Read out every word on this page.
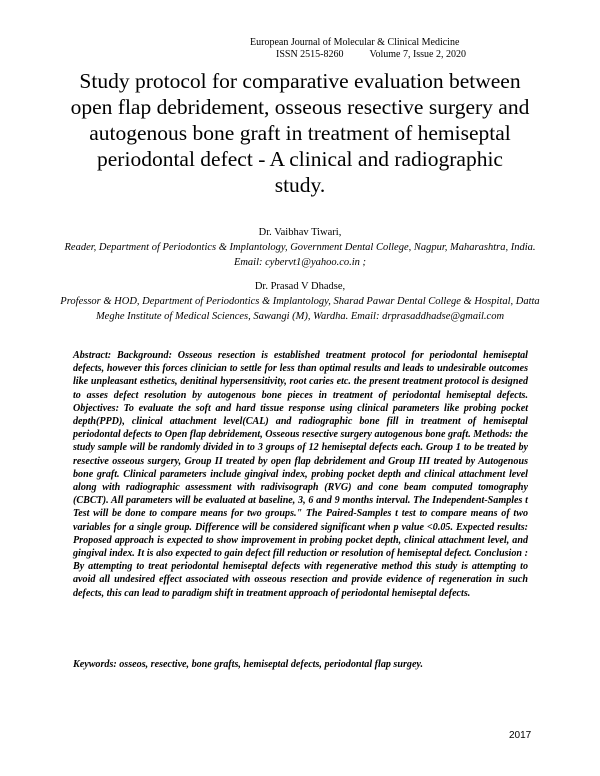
European Journal of Molecular & Clinical Medicine
ISSN 2515-8260	Volume 7, Issue 2, 2020
Study protocol for comparative evaluation between open flap debridement, osseous resective surgery and autogenous bone graft in treatment of hemiseptal periodontal defect - A clinical and radiographic study.
Dr. Vaibhav Tiwari,
Reader, Department of Periodontics & Implantology, Government Dental College, Nagpur, Maharashtra, India. Email: cybervt1@yahoo.co.in ;
Dr. Prasad V Dhadse,
Professor & HOD, Department of Periodontics & Implantology, Sharad Pawar Dental College & Hospital, Datta Meghe Institute of Medical Sciences, Sawangi (M), Wardha. Email: drprasaddhadse@gmail.com

Abstract: Background: Osseous resection is established treatment protocol for periodontal hemiseptal defects, however this forces clinician to settle for less than optimal results and leads to undesirable outcomes like unpleasant esthetics, denitinal hypersensitivity, root caries etc. the present treatment protocol is designed to asses defect resolution by autogenous bone pieces in treatment of periodontal hemiseptal defects. Objectives: To evaluate the soft and hard tissue response using clinical parameters like probing pocket depth(PPD), clinical attachment level(CAL) and radiographic bone fill in treatment of hemiseptal periodontal defects to Open flap debridement, Osseous resective surgery autogenous bone graft. Methods: the study sample will be randomly divided in to 3 groups of 12 hemiseptal defects each. Group 1 to be treated by resective osseous surgery, Group II treated by open flap debridement and Group III treated by Autogenous bone graft. Clinical parameters include gingival index, probing pocket depth and clinical attachment level along with radiographic assessment with radivisograph (RVG) and cone beam computed tomography (CBCT). All parameters will be evaluated at baseline, 3, 6 and 9 months interval. The Independent-Samples t Test will be done to compare means for two groups." The Paired-Samples t test to compare means of two variables for a single group. Difference will be considered significant when p value <0.05. Expected results: Proposed approach is expected to show improvement in probing pocket depth, clinical attachment level, and gingival index. It is also expected to gain defect fill reduction or resolution of hemiseptal defect. Conclusion : By attempting to treat periodontal hemiseptal defects with regenerative method this study is attempting to avoid all undesired effect associated with osseous resection and provide evidence of regeneration in such defects, this can lead to paradigm shift in treatment approach of periodontal hemiseptal defects.

Keywords: osseos, resective, bone grafts, hemiseptal defects, periodontal flap surgey.

2017
